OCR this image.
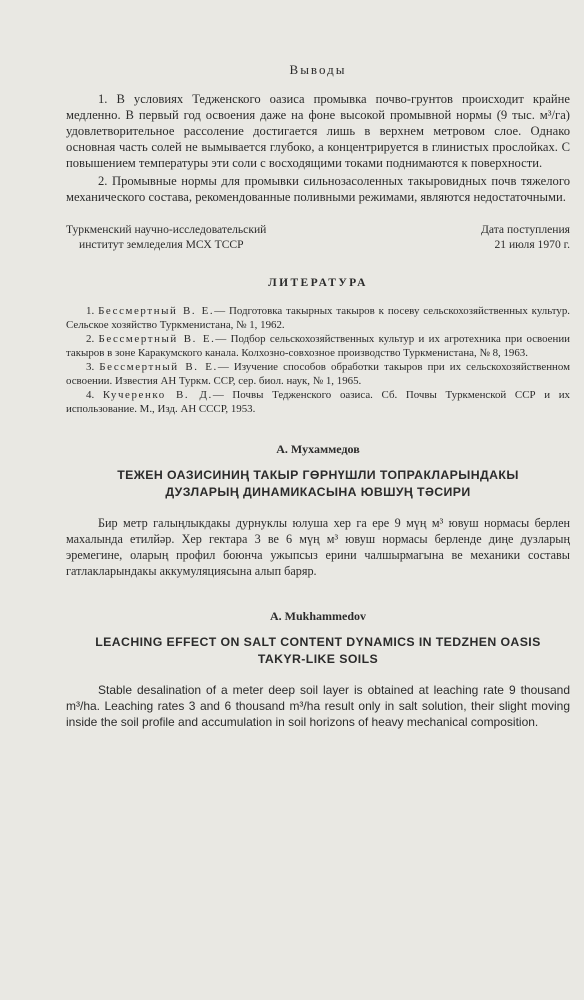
Выводы

1. В условиях Тедженского оазиса промывка почво-грунтов происходит крайне медленно. В первый год освоения даже на фоне высокой промывной нормы (9 тыс. м³/га) удовлетворительное рассоление достигается лишь в верхнем метровом слое. Однако основная часть солей не вымывается глубоко, а концентрируется в глинистых прослойках. С повышением температуры эти соли с восходящими токами поднимаются к поверхности.

2. Промывные нормы для промывки сильнозасоленных такыровидных почв тяжелого механического состава, рекомендованные поливными режимами, являются недостаточными.

Туркменский научно-исследовательский
институт земледелия МСХ ТССР
Дата поступления
21 июля 1970 г.
ЛИТЕРАТУРА

1. Бессмертный В. Е.— Подготовка такырных такыров к посеву сельскохозяйственных культур. Сельское хозяйство Туркменистана, № 1, 1962.

2. Бессмертный В. Е.— Подбор сельскохозяйственных культур и их агротехника при освоении такыров в зоне Каракумского канала. Колхозно-совхозное производство Туркменистана, № 8, 1963.

3. Бессмертный В. Е.— Изучение способов обработки такыров при их сельскохозяйственном освоении. Известия АН Туркм. ССР, сер. биол. наук, № 1, 1965.

4. Кучеренко В. Д.— Почвы Тедженского оазиса. Сб. Почвы Туркменской ССР и их использование. М., Изд. АН СССР, 1953.

А. Мухаммедов
ТЕЖЕН ОАЗИСИНИҢ ТАКЫР ГӨРНҮШЛИ ТОПРАКЛАРЫНДАКЫ
ДУЗЛАРЫҢ ДИНАМИКАСЫНА ЮВШУҢ ТӘСИРИ

Бир метр галыңлыкдакы дурнуклы юлуша хер га ере 9 мүң м³ ювуш нормасы берлен махалында етилйәр. Хер гектара 3 ве 6 мүң м³ ювуш нормасы берленде диңе дузларың эремегине, оларың профил боюнча ужыпсыз ерини чалшырмагына ве механики составы гатлакларындакы аккумуляциясына алып баряр.

A. Mukhammedov
LEACHING EFFECT ON SALT CONTENT DYNAMICS IN TEDZHEN OASIS
TAKYR-LIKE SOILS

Stable desalination of a meter deep soil layer is obtained at leaching rate 9 thousand m³/ha. Leaching rates 3 and 6 thousand m³/ha result only in salt solution, their slight moving inside the soil profile and accumulation in soil horizons of heavy mechanical composition.
